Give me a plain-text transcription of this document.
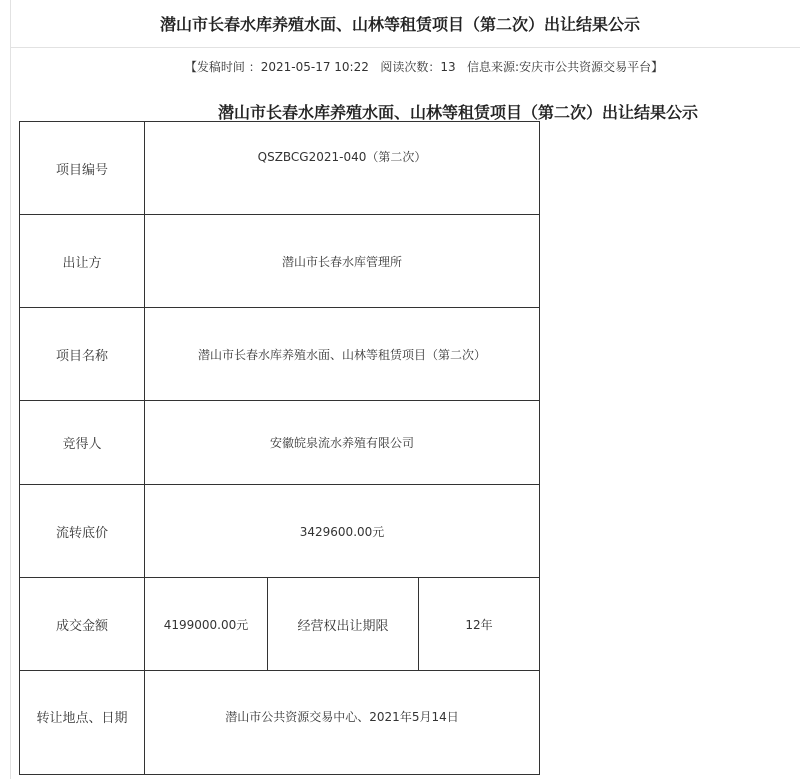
潜山市长春水库养殖水面、山林等租赁项目（第二次）出让结果公示
【发稿时间 ：2021-05-17 10:22   阅读次数：13   信息来源:安庆市公共资源交易平台】
潜山市长春水库养殖水面、山林等租赁项目（第二次）出让结果公示
项目编号	QSZBCG2021-040（第二次）		
出让方	潜山市长春水库管理所		
项目名称	潜山市长春水库养殖水面、山林等租赁项目（第二次）		
竞得人	安徽皖泉流水养殖有限公司		
流转底价	3429600.00元		
成交金额	4199000.00元	经营权出让期限	12年
转让地点、日期	潜山市公共资源交易中心、2021年5月14日		
